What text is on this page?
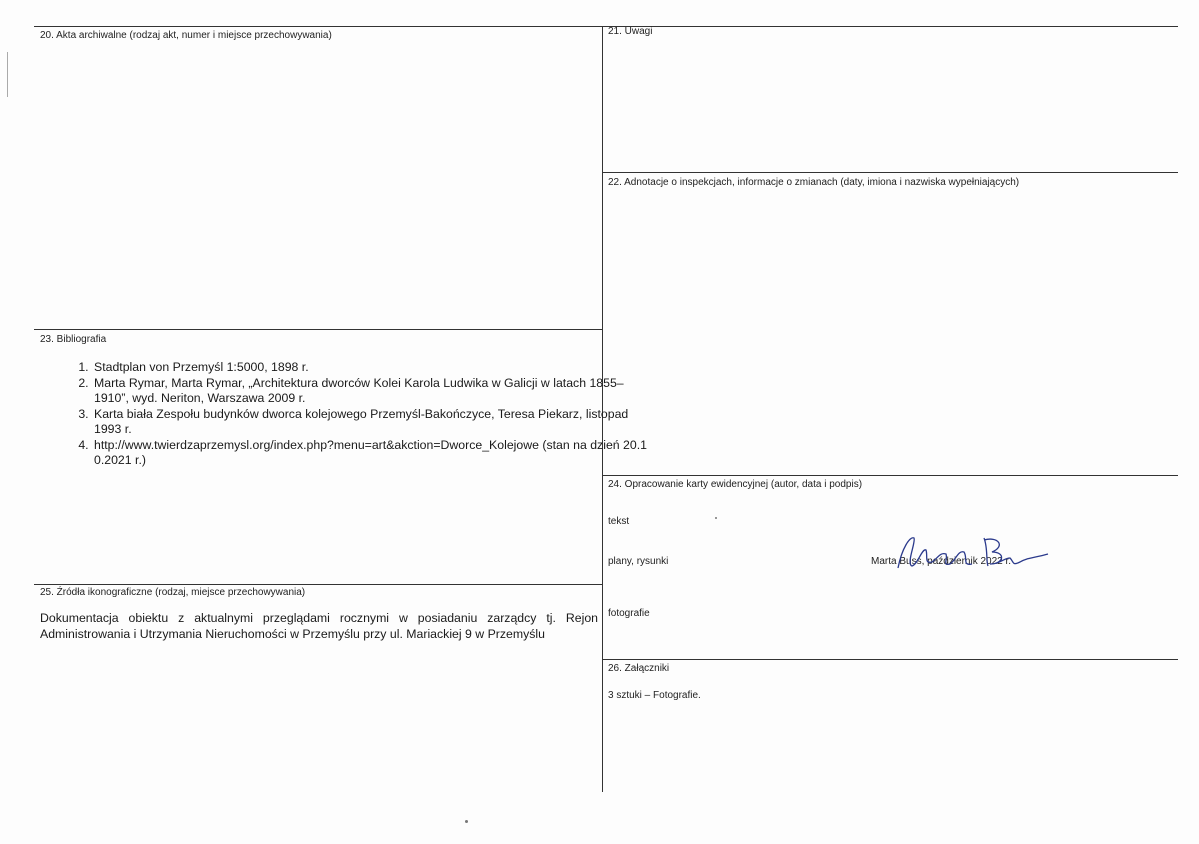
20. Akta archiwalne (rodzaj akt, numer i miejsce przechowywania)
23. Bibliografia
25. Źródła ikonograficzne (rodzaj, miejsce przechowywania)
21. Uwagi
22. Adnotacje o inspekcjach, informacje o zmianach (daty, imiona i nazwiska wypełniających)
24. Opracowanie karty ewidencyjnej (autor, data i podpis)
26. Załączniki
1. Stadtplan von Przemyśl 1:5000, 1898 r.
2. Marta Rymar, Marta Rymar, „Architektura dworców Kolei Karola Ludwika w Galicji w latach 1855–1910”, wyd. Neriton, Warszawa 2009 r.
3. Karta biała Zespołu budynków dworca kolejowego Przemyśl-Bakończyce, Teresa Piekarz, listopad 1993 r.
4. http://www.twierdzaprzemysl.org/index.php?menu=art&akction=Dworce_Kolejowe (stan na dzień 20.10.2021 r.)
Dokumentacja obiektu z aktualnymi przeglądami rocznymi w posiadaniu zarządcy tj. Rejon Administrowania i Utrzymania Nieruchomości w Przemyślu przy ul. Mariackiej 9 w Przemyślu
tekst
plany, rysunki
fotografie
Marta Buss, październik 2022 r.
3 sztuki – Fotografie.
